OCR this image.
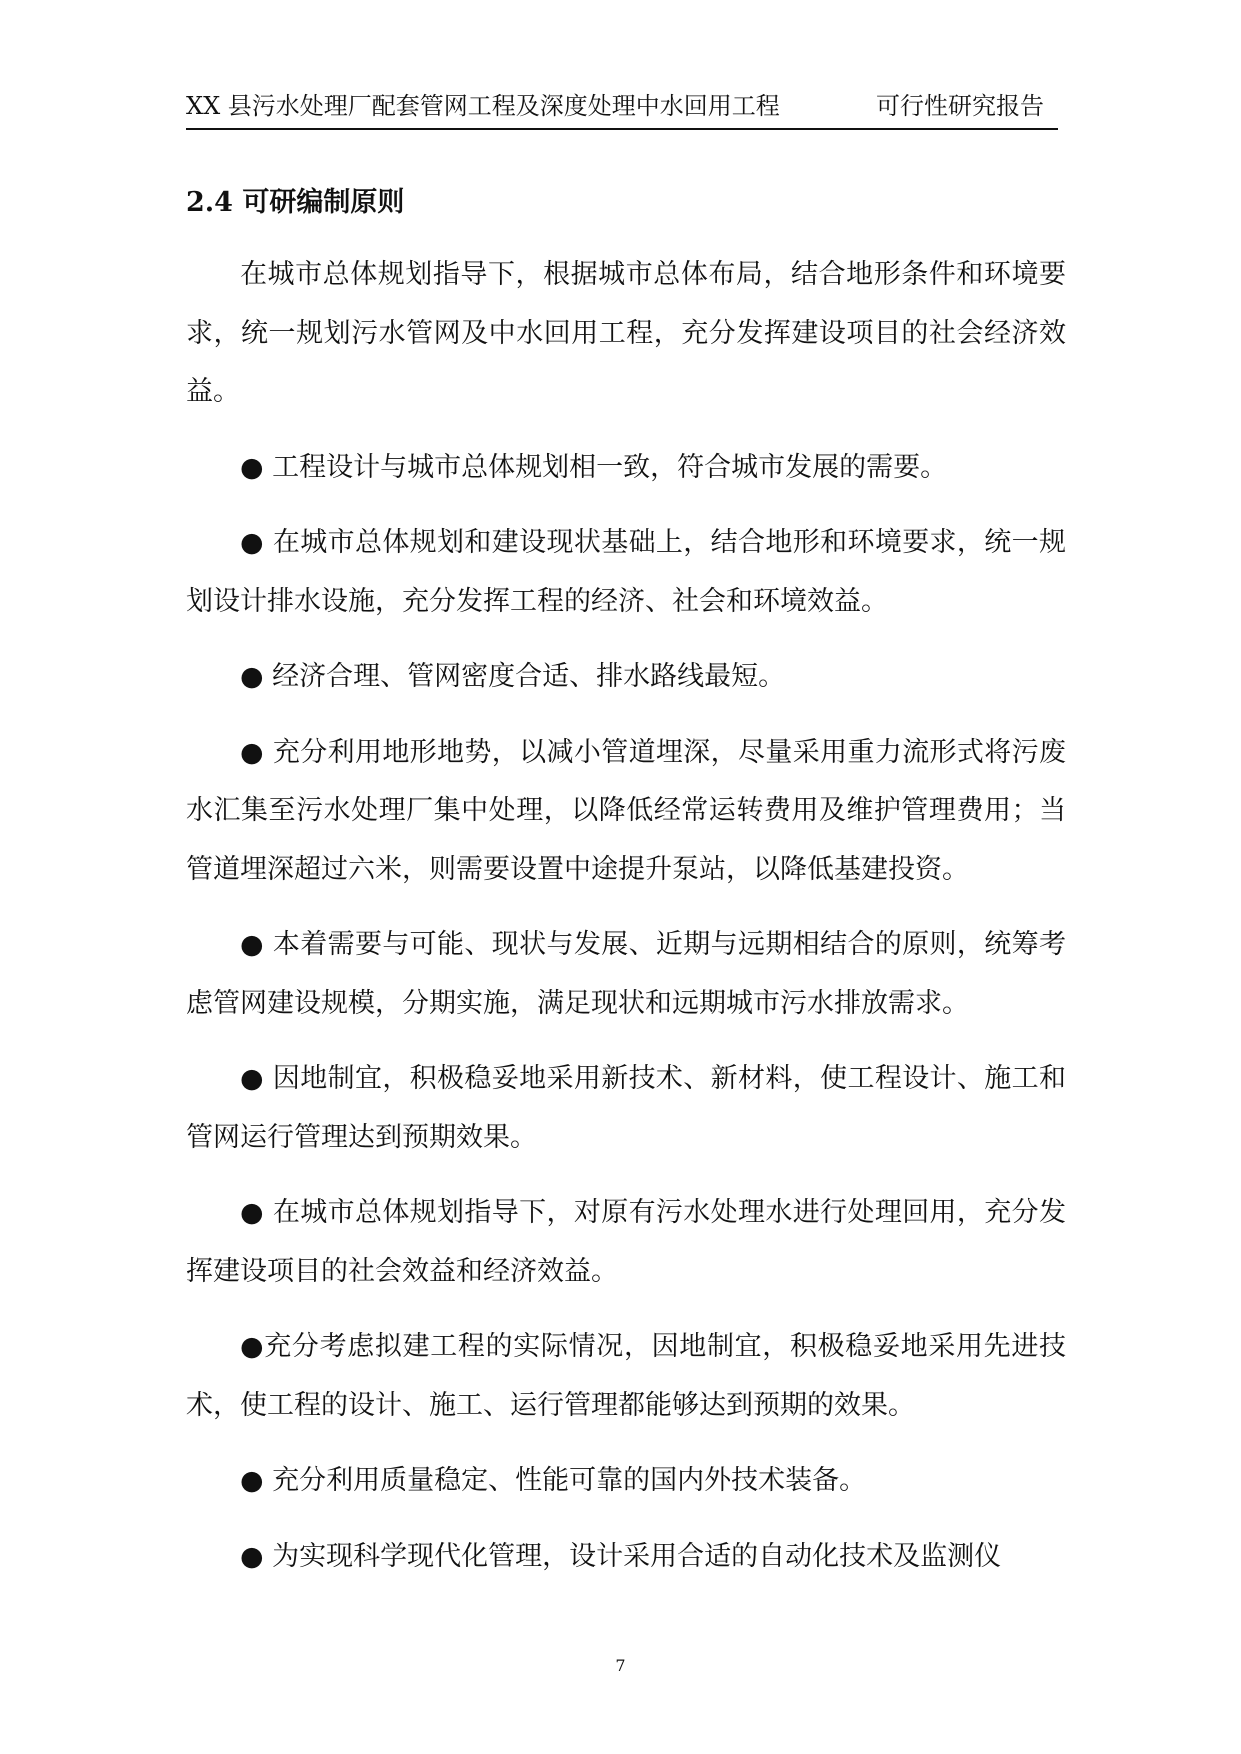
XX 县污水处理厂配套管网工程及深度处理中水回用工程	可行性研究报告
2.4 可研编制原则

在城市总体规划指导下，根据城市总体布局，结合地形条件和环境要求，统一规划污水管网及中水回用工程，充分发挥建设项目的社会经济效益。

● 工程设计与城市总体规划相一致，符合城市发展的需要。

● 在城市总体规划和建设现状基础上，结合地形和环境要求，统一规划设计排水设施，充分发挥工程的经济、社会和环境效益。

● 经济合理、管网密度合适、排水路线最短。

● 充分利用地形地势，以减小管道埋深，尽量采用重力流形式将污废水汇集至污水处理厂集中处理，以降低经常运转费用及维护管理费用；当管道埋深超过六米，则需要设置中途提升泵站，以降低基建投资。

● 本着需要与可能、现状与发展、近期与远期相结合的原则，统筹考虑管网建设规模，分期实施，满足现状和远期城市污水排放需求。

● 因地制宜，积极稳妥地采用新技术、新材料，使工程设计、施工和管网运行管理达到预期效果。

● 在城市总体规划指导下，对原有污水处理水进行处理回用，充分发挥建设项目的社会效益和经济效益。

●充分考虑拟建工程的实际情况，因地制宜，积极稳妥地采用先进技术，使工程的设计、施工、运行管理都能够达到预期的效果。

● 充分利用质量稳定、性能可靠的国内外技术装备。

● 为实现科学现代化管理，设计采用合适的自动化技术及监测仪

7
